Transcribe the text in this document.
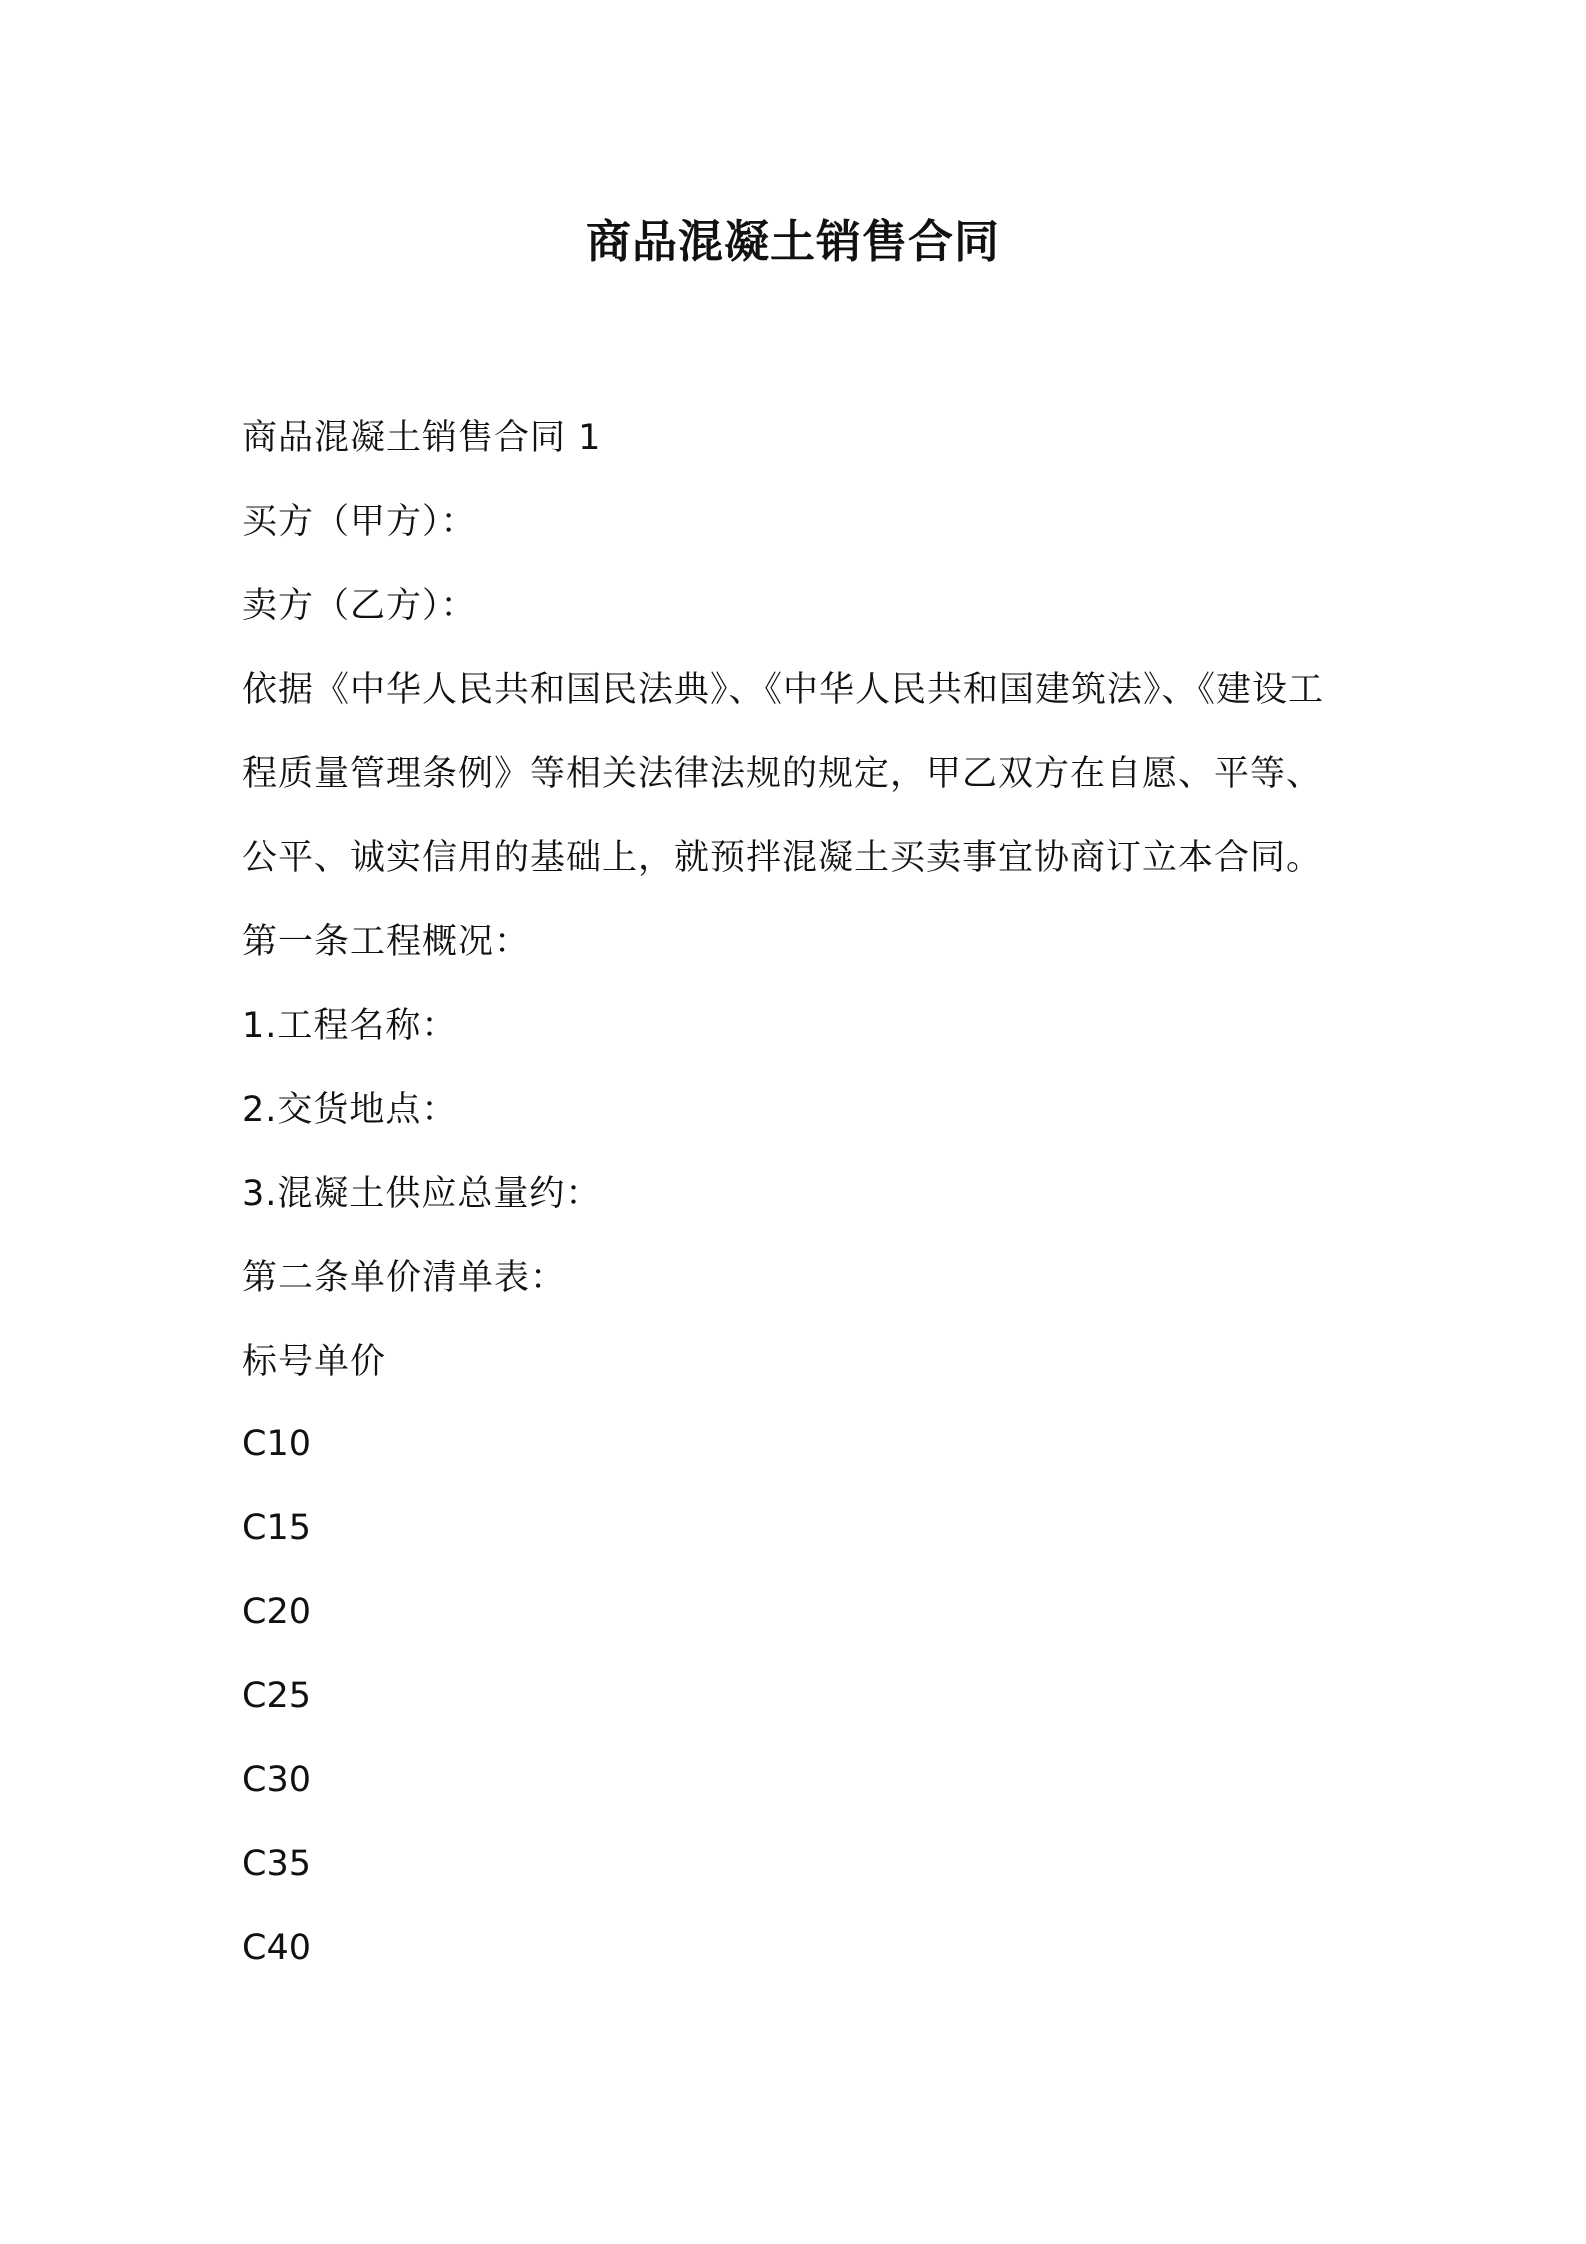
商品混凝土销售合同
商品混凝土销售合同 1
买方（甲方）：
卖方（乙方）：
依据《中华人民共和国民法典》、《中华人民共和国建筑法》、《建设工
程质量管理条例》等相关法律法规的规定，甲乙双方在自愿、平等、
公平、诚实信用的基础上，就预拌混凝土买卖事宜协商订立本合同。
第一条工程概况：
1.工程名称：
2.交货地点：
3.混凝土供应总量约：
第二条单价清单表：
标号单价
C10
C15
C20
C25
C30
C35
C40
